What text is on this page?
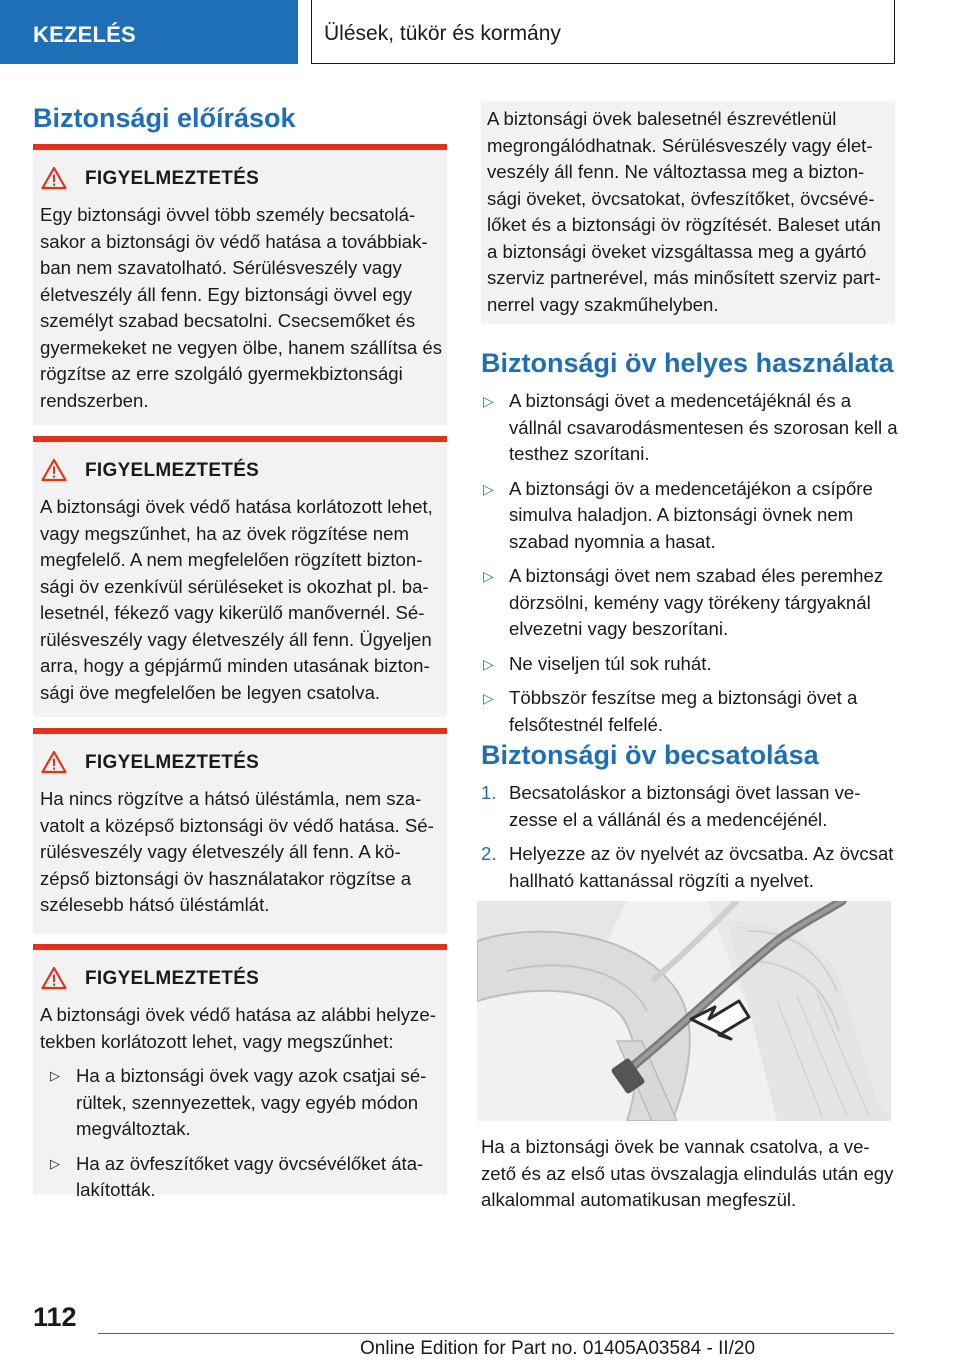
KEZELÉS	Ülések, tükör és kormány
Biztonsági előírások
FIGYELMEZTETÉS
Egy biztonsági övvel több személy becsatolá-sakor a biztonsági öv védő hatása a továbbiak-ban nem szavatolható. Sérülésveszély vagy életveszély áll fenn. Egy biztonsági övvel egy személyt szabad becsatolni. Csecsemőket és gyermekeket ne vegyen ölbe, hanem szállítsa és rögzítse az erre szolgáló gyermekbiztonsági rendszerben.
FIGYELMEZTETÉS
A biztonsági övek védő hatása korlátozott lehet, vagy megszűnhet, ha az övek rögzítése nem megfelelő. A nem megfelelően rögzített bizton-sági öv ezenkívül sérüléseket is okozhat pl. ba-lesetnél, fékező vagy kikerülő manővernél. Sé-rülésveszély vagy életveszély áll fenn. Ügyeljen arra, hogy a gépjármű minden utasának bizton-sági öve megfelelően be legyen csatolva.
FIGYELMEZTETÉS
Ha nincs rögzítve a hátsó üléstámla, nem sza-vatolt a középső biztonsági öv védő hatása. Sé-rülésveszély vagy életveszély áll fenn. A kö-zépső biztonsági öv használatakor rögzítse a szélesebb hátsó üléstámlát.
FIGYELMEZTETÉS
A biztonsági övek védő hatása az alábbi helyze-tekben korlátozott lehet, vagy megszűnhet:
▷ Ha a biztonsági övek vagy azok csatjai sé-rültek, szennyezettek, vagy egyéb módon megváltoztak.
▷ Ha az övfeszítőket vagy övcsévélőket áta-lakították.
A biztonsági övek balesetnél észrevétlenül megrongálódhatnak. Sérülésveszély vagy élet-veszély áll fenn. Ne változtassa meg a bizton-sági öveket, övcsatokat, övfeszítőket, övcsévé-lőket és a biztonsági öv rögzítését. Baleset után a biztonsági öveket vizsgáltassa meg a gyártó szerviz partnerével, más minősített szerviz part-nerrel vagy szakműhelyben.
Biztonsági öv helyes használata
▷ A biztonsági övet a medencetájéknál és a vállnál csavarodásmentesen és szorosan kell a testhez szorítani.
▷ A biztonsági öv a medencetájékon a csípőre simulva haladjon. A biztonsági övnek nem szabad nyomnia a hasat.
▷ A biztonsági övet nem szabad éles peremhez dörzsölni, kemény vagy törékeny tárgyaknál elvezetni vagy beszorítani.
▷ Ne viseljen túl sok ruhát.
▷ Többször feszítse meg a biztonsági övet a felsőtestnél felfelé.
Biztonsági öv becsatolása
1. Becsatoláskor a biztonsági övet lassan ve-zesse el a vállánál és a medencéjénél.
2. Helyezze az öv nyelvét az övcsatba. Az övcsat hallható kattanással rögzíti a nyelvet.
Ha a biztonsági övek be vannak csatolva, a ve-zető és az első utas övszalagja elindulás után egy alkalommal automatikusan megfeszül.
112
Online Edition for Part no. 01405A03584 - II/20
